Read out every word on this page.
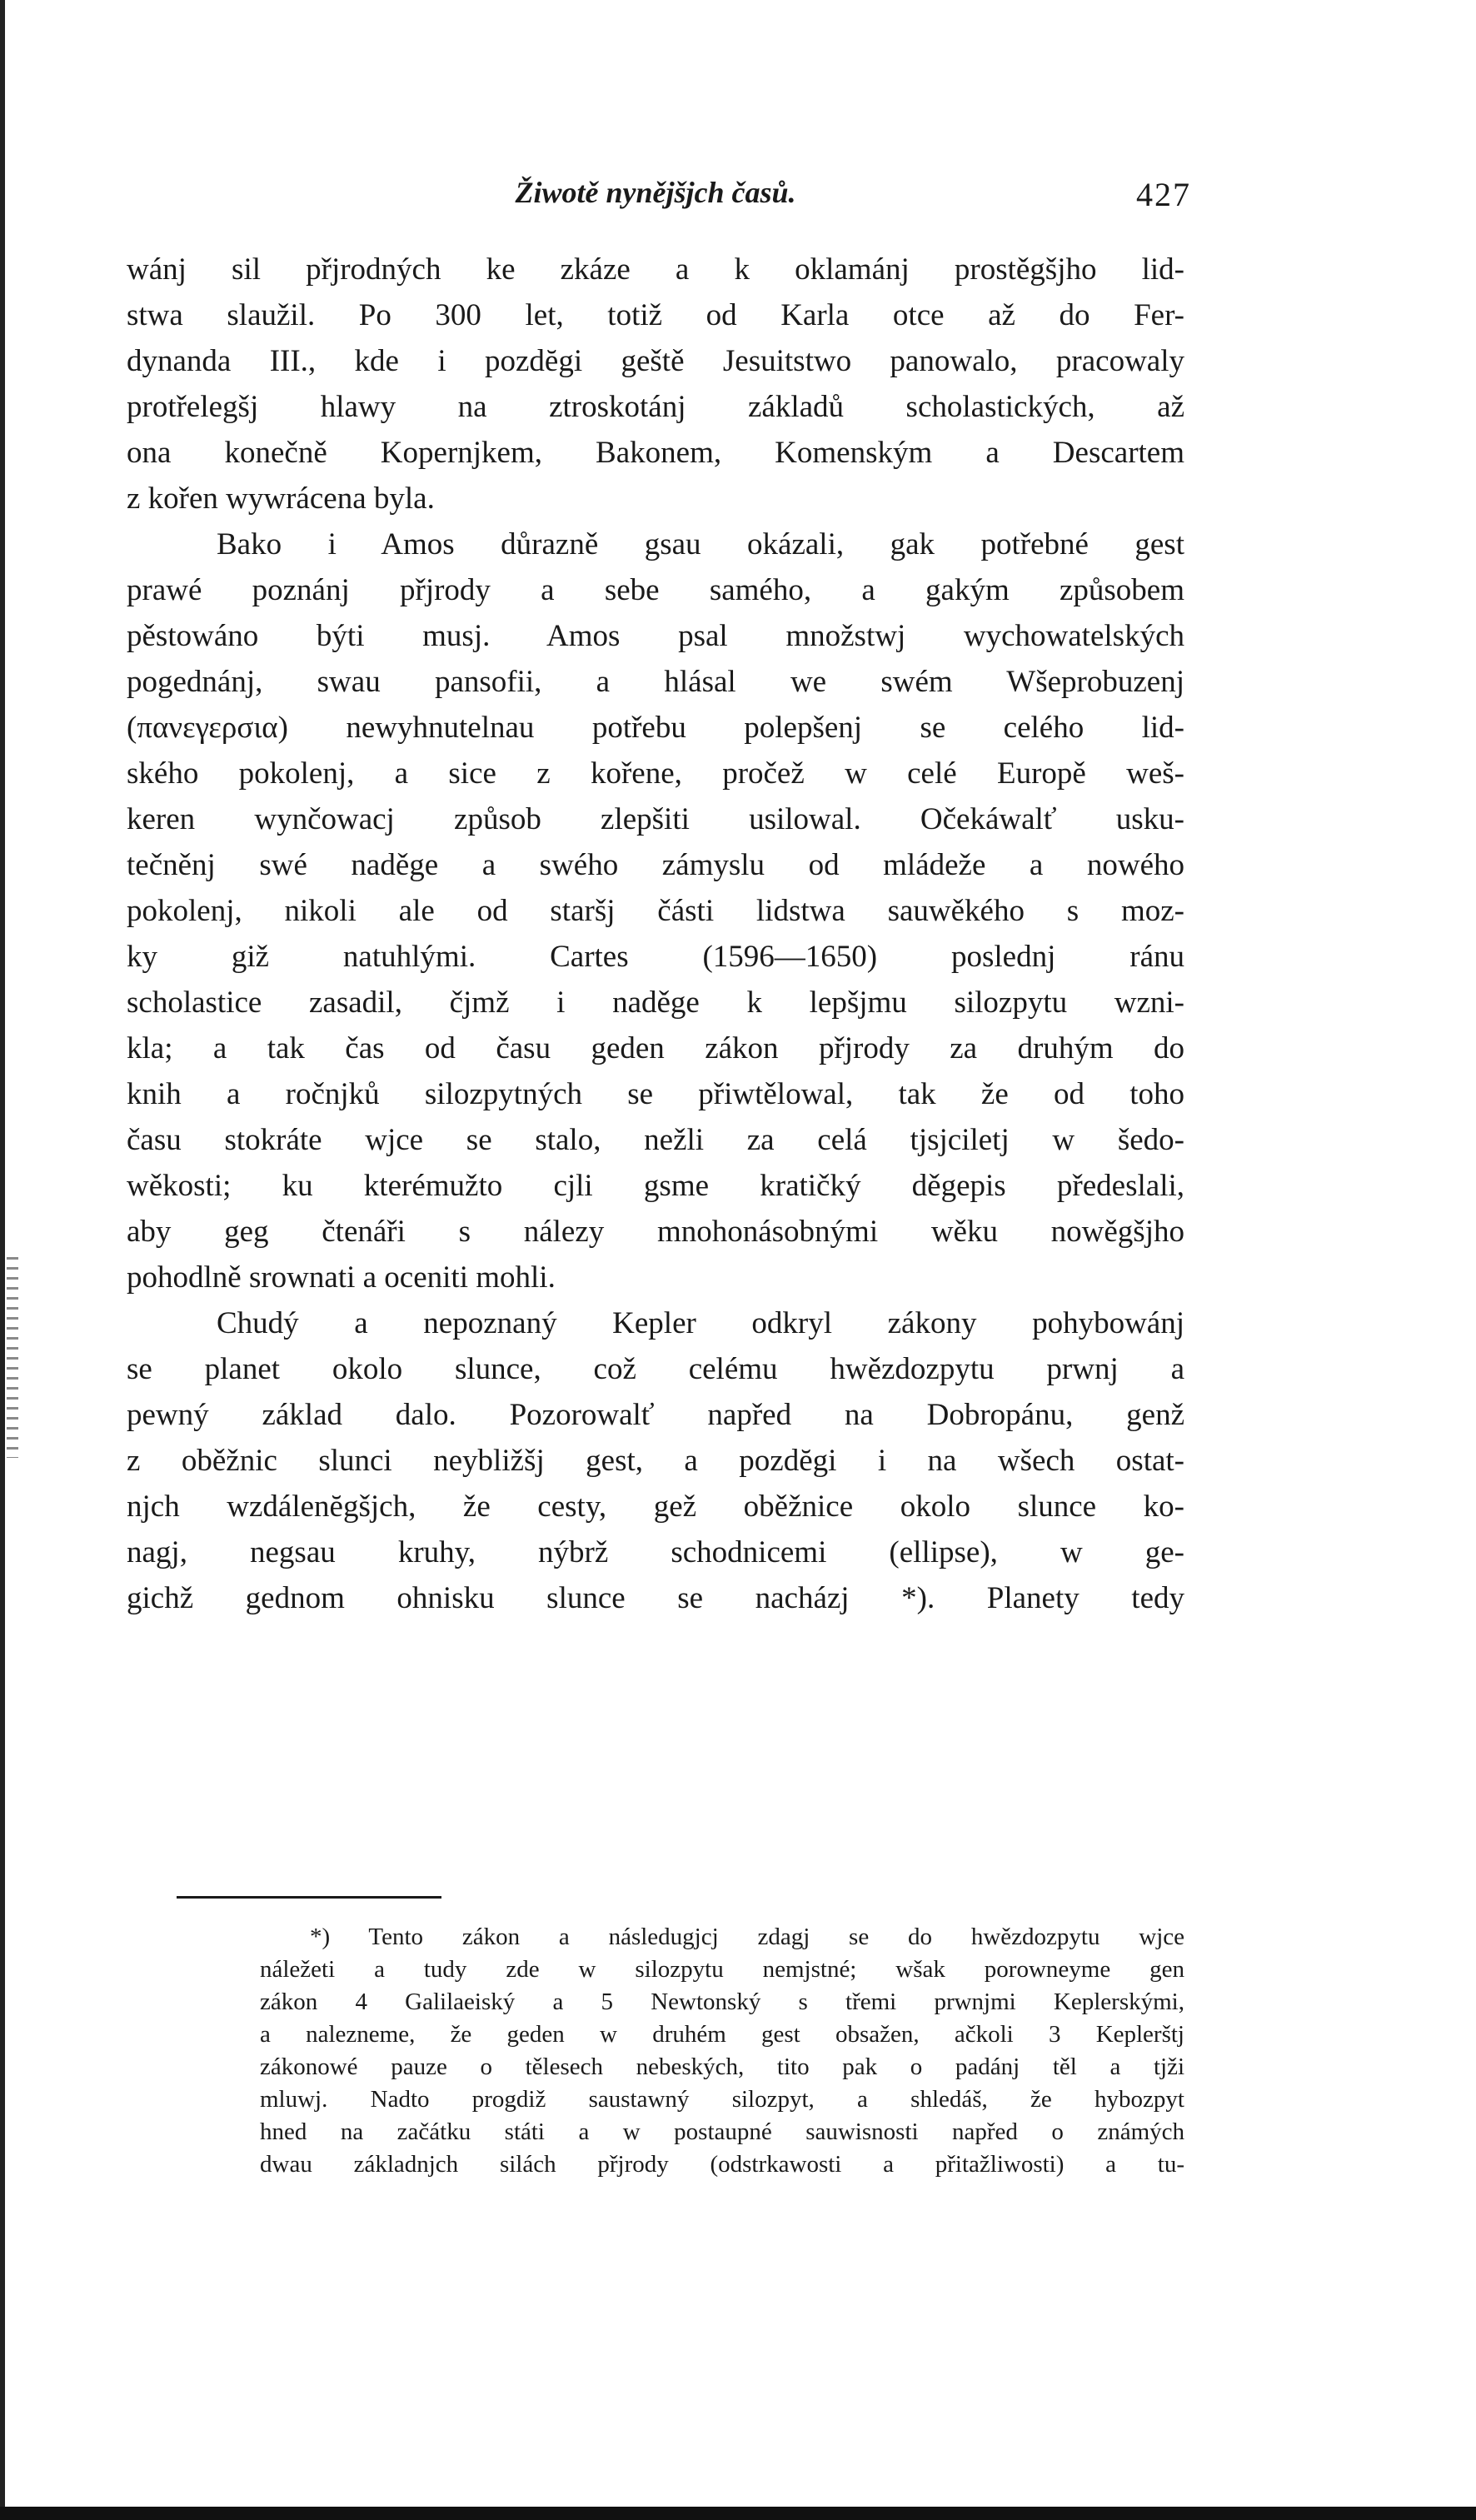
Žiwotě nynějšjch časů.	427
wánj sil přjrodných ke zkáze a k oklamánj prostěgšjho lid-
stwa slaužil. Po 300 let, totiž od Karla otce až do Fer-
dynanda III., kde i pozdĕgi geště Jesuitstwo panowalo, pracowaly
protřelegšj hlawy na ztroskotánj základů scholastických, až
ona konečně Kopernjkem, Bakonem, Komenským a Descartem
z kořen wywrácena byla.
Bako i Amos důrazně gsau okázali, gak potřebné gest
prawé poznánj přjrody a sebe samého, a gakým způsobem
pěstowáno býti musj. Amos psal množstwj wychowatelských
pogednánj, swau pansofii, a hlásal we swém Wšeprobuzenj
(πανεγερσια) newyhnutelnau potřebu polepšenj se celého lid-
ského pokolenj, a sice z kořene, pročež w celé Europě weš-
keren wynčowacj způsob zlepšiti usilowal. Očekáwalť usku-
tečněnj swé naděge a swého zámyslu od mládeže a nowého
pokolenj, nikoli ale od staršj části lidstwa sauwěkého s moz-
ky giž natuhlými. Cartes (1596—1650) poslednj ránu
scholastice zasadil, čjmž i naděge k lepšjmu silozpytu wzni-
kla; a tak čas od času geden zákon přjrody za druhým do
knih a ročnjků silozpytných se přiwtělowal, tak že od toho
času stokráte wjce se stalo, nežli za celá tjsjciletj w šedo-
wěkosti; ku kterémužto cjli gsme kratičký děgepis předeslali,
aby geg čtenáři s nálezy mnohonásobnými wěku nowěgšjho
pohodlně srownati a oceniti mohli.
Chudý a nepoznaný Kepler odkryl zákony pohybowánj
se planet okolo slunce, což celému hwězdozpytu prwnj a
pewný základ dalo. Pozorowalť napřed na Dobropánu, genž
z oběžnic slunci neybližšj gest, a pozdĕgi i na wšech ostat-
njch wzdálenĕgšjch, že cesty, gež oběžnice okolo slunce ko-
nagj, negsau kruhy, nýbrž schodnicemi (ellipse), w ge-
gichž gednom ohnisku slunce se nacházj *). Planety tedy
*) Tento zákon a následugjcj zdagj se do hwězdozpytu wjce
náležeti a tudy zde w silozpytu nemjstné; wšak porowneyme gen
zákon 4 Galilaeiský a 5 Newtonský s třemi prwnjmi Keplerskými,
a nalezneme, že geden w druhém gest obsažen, ačkoli 3 Keplerštj
zákonowé pauze o tělesech nebeských, tito pak o padánj těl a tjži
mluwj. Nadto progdiž saustawný silozpyt, a shledáš, že hybozpyt
hned na začátku státi a w postaupné sauwisnosti napřed o známých
dwau základnjch silách přjrody (odstrkawosti a přitažliwosti) a tu-
